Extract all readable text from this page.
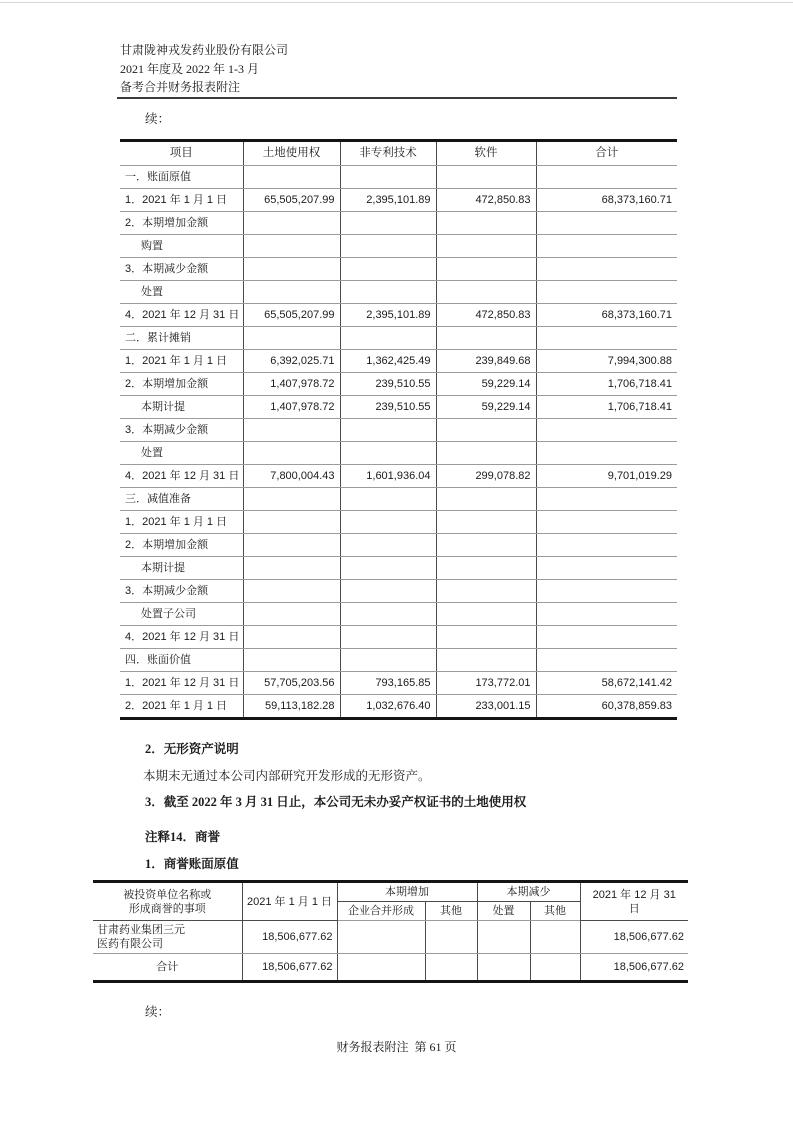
甘肃陇神戎发药业股份有限公司
2021 年度及 2022 年 1-3 月
备考合并财务报表附注
续：
项目	土地使用权	非专利技术	软件	合计
一．账面原值				
1．2021 年 1 月 1 日	65,505,207.99	2,395,101.89	472,850.83	68,373,160.71
2．本期增加金额				
购置				
3．本期减少金额				
处置				
4．2021 年 12 月 31 日	65,505,207.99	2,395,101.89	472,850.83	68,373,160.71
二．累计摊销				
1．2021 年 1 月 1 日	6,392,025.71	1,362,425.49	239,849.68	7,994,300.88
2．本期增加金额	1,407,978.72	239,510.55	59,229.14	1,706,718.41
本期计提	1,407,978.72	239,510.55	59,229.14	1,706,718.41
3．本期减少金额				
处置				
4．2021 年 12 月 31 日	7,800,004.43	1,601,936.04	299,078.82	9,701,019.29
三．减值准备				
1．2021 年 1 月 1 日				
2．本期增加金额				
本期计提				
3．本期减少金额				
处置子公司				
4．2021 年 12 月 31 日				
四．账面价值				
1．2021 年 12 月 31 日	57,705,203.56	793,165.85	173,772.01	58,672,141.42
2．2021 年 1 月 1 日	59,113,182.28	1,032,676.40	233,001.15	60,378,859.83
2．无形资产说明
本期末无通过本公司内部研究开发形成的无形资产。
3．截至 2022 年 3 月 31 日止，本公司无未办妥产权证书的土地使用权
注释14．商誉
1．商誉账面原值
被投资单位名称或形成商誉的事项	2021 年 1 月 1 日	本期增加		本期减少		2021 年 12 月 31 日
		企业合并形成	其他	处置	其他	
甘肃药业集团三元医药有限公司	18,506,677.62					18,506,677.62
合计	18,506,677.62					18,506,677.62
续：
财务报表附注  第 61 页
